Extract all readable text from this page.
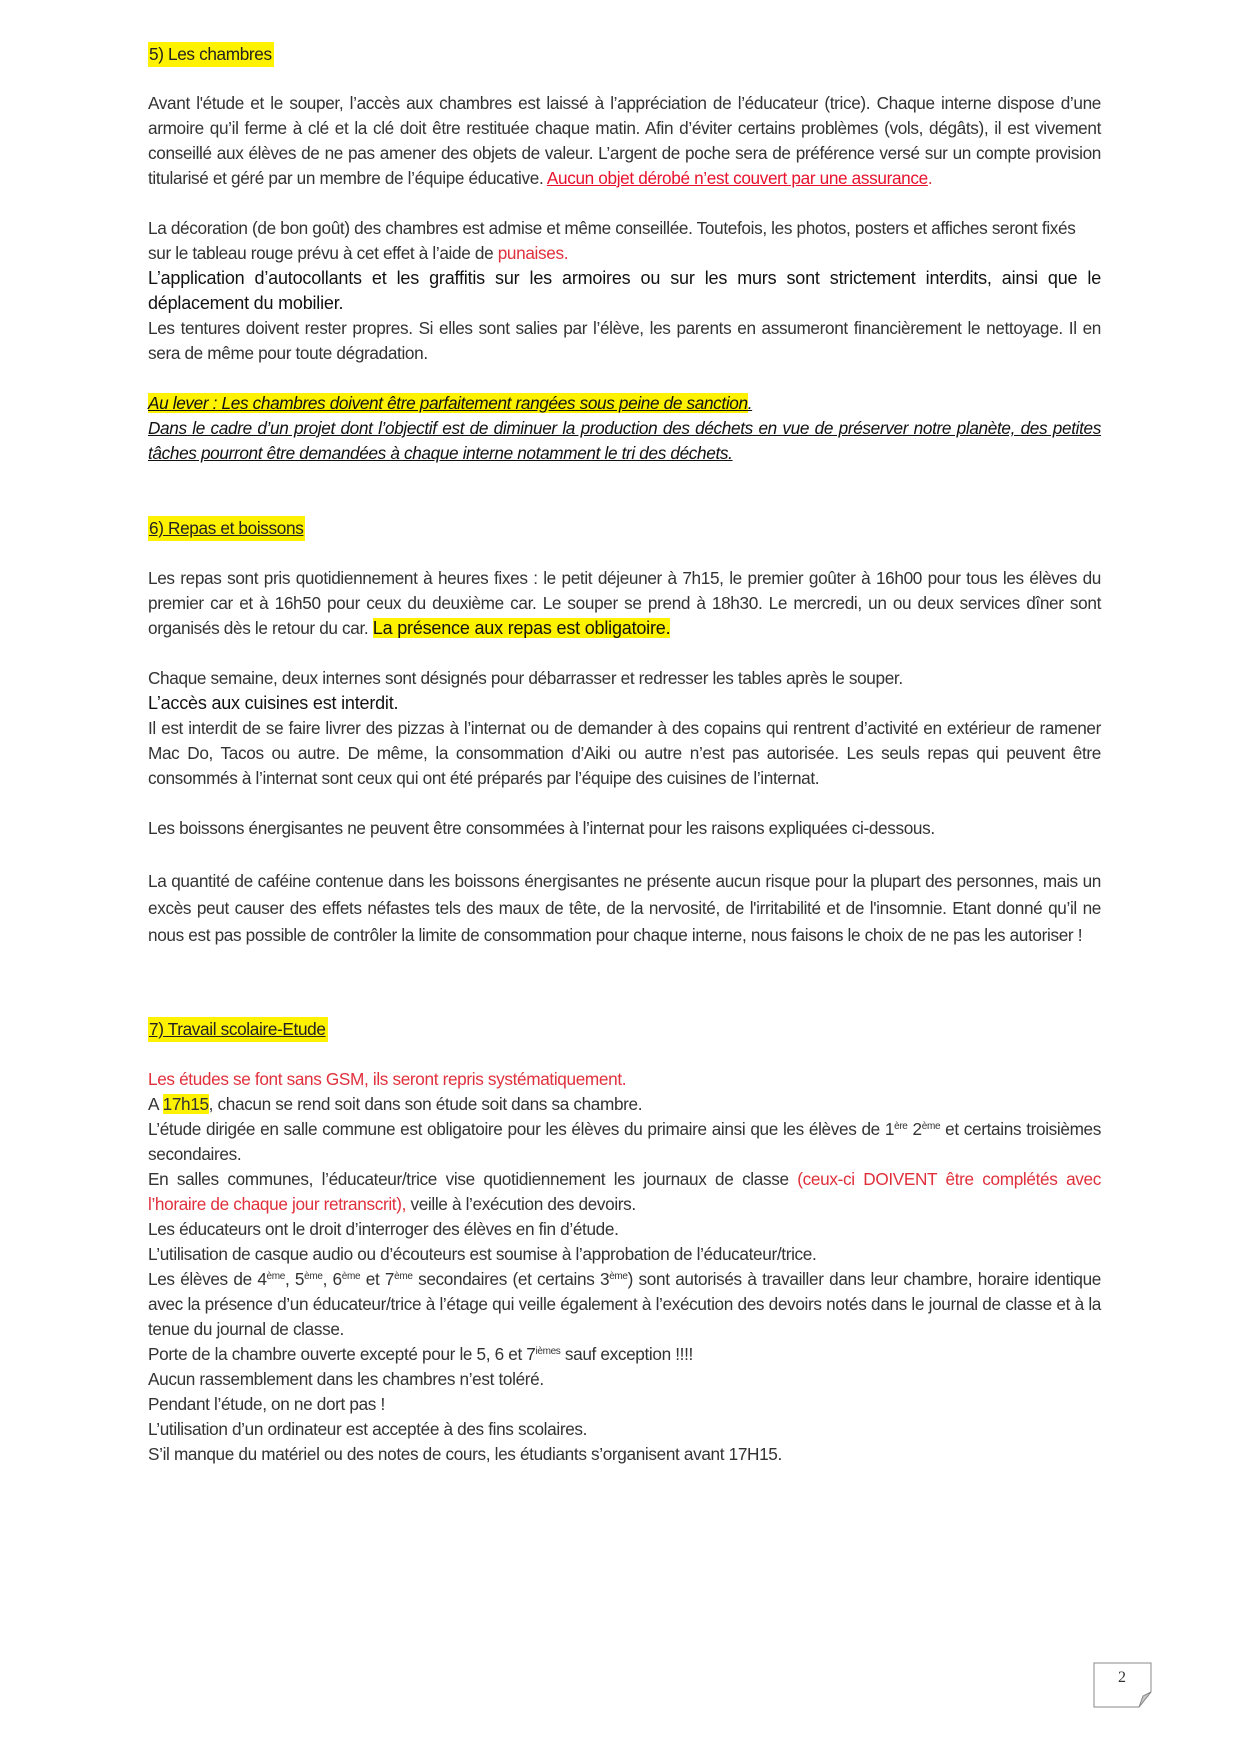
5) Les chambres

Avant l'étude et le souper, l’accès aux chambres est laissé à l’appréciation de l’éducateur (trice). Chaque interne dispose d’une armoire qu’il ferme à clé et la clé doit être restituée chaque matin. Afin d’éviter certains problèmes (vols, dégâts), il est vivement conseillé aux élèves de ne pas amener des objets de valeur. L’argent de poche sera de préférence versé sur un compte provision titularisé et géré par un membre de l’équipe éducative. Aucun objet dérobé n’est couvert par une assurance.

La décoration (de bon goût) des chambres est admise et même conseillée. Toutefois, les photos, posters et affiches seront fixés sur le tableau rouge prévu à cet effet à l’aide de punaises.

L’application d’autocollants et les graffitis sur les armoires ou sur les murs sont strictement interdits, ainsi que le déplacement du mobilier.

Les tentures doivent rester propres. Si elles sont salies par l’élève, les parents en assumeront financièrement le nettoyage. Il en sera de même pour toute dégradation.

Au lever : Les chambres doivent être parfaitement rangées sous peine de sanction.

Dans le cadre d’un projet dont l’objectif est de diminuer la production des déchets en vue de préserver notre planète, des petites tâches pourront être demandées à chaque interne notamment le tri des déchets.

6) Repas et boissons

Les repas sont pris quotidiennement à heures fixes : le petit déjeuner à 7h15, le premier goûter à 16h00 pour tous les élèves du premier car et à 16h50 pour ceux du deuxième car. Le souper se prend à 18h30. Le mercredi, un ou deux services dîner sont organisés dès le retour du car. La présence aux repas est obligatoire.

Chaque semaine, deux internes sont désignés pour débarrasser et redresser les tables après le souper.

L’accès aux cuisines est interdit.

Il est interdit de se faire livrer des pizzas à l’internat ou de demander à des copains qui rentrent d’activité en extérieur de ramener Mac Do, Tacos ou autre. De même, la consommation d’Aiki ou autre n’est pas autorisée. Les seuls repas qui peuvent être consommés à l’internat sont ceux qui ont été préparés par l’équipe des cuisines de l’internat.

Les boissons énergisantes ne peuvent être consommées à l’internat pour les raisons expliquées ci-dessous.

La quantité de caféine contenue dans les boissons énergisantes ne présente aucun risque pour la plupart des personnes, mais un excès peut causer des effets néfastes tels des maux de tête, de la nervosité, de l'irritabilité et de l'insomnie. Etant donné qu’il ne nous est pas possible de contrôler la limite de consommation pour chaque interne, nous faisons le choix de ne pas les autoriser !

7) Travail scolaire-Etude

Les études se font sans GSM, ils seront repris systématiquement.

A 17h15, chacun se rend soit dans son étude soit dans sa chambre.

L’étude dirigée en salle commune est obligatoire pour les élèves du primaire ainsi que les élèves de 1ère 2ème et certains troisièmes secondaires.

En salles communes, l’éducateur/trice vise quotidiennement les journaux de classe (ceux-ci DOIVENT être complétés avec l’horaire de chaque jour retranscrit), veille à l’exécution des devoirs.

Les éducateurs ont le droit d’interroger des élèves en fin d’étude.

L’utilisation de casque audio ou d’écouteurs est soumise à l’approbation de l’éducateur/trice.

Les élèves de 4ème, 5ème, 6ème et 7ème secondaires (et certains 3ème) sont autorisés à travailler dans leur chambre, horaire identique avec la présence d’un éducateur/trice à l’étage qui veille également à l’exécution des devoirs notés dans le journal de classe et à la tenue du journal de classe.

Porte de la chambre ouverte excepté pour le 5, 6 et $7^{ièmes}$ sauf exception !!!!

Aucun rassemblement dans les chambres n’est toléré.

Pendant l’étude, on ne dort pas !

L’utilisation d’un ordinateur est acceptée à des fins scolaires.

S’il manque du matériel ou des notes de cours, les étudiants s’organisent avant 17H15.

2
